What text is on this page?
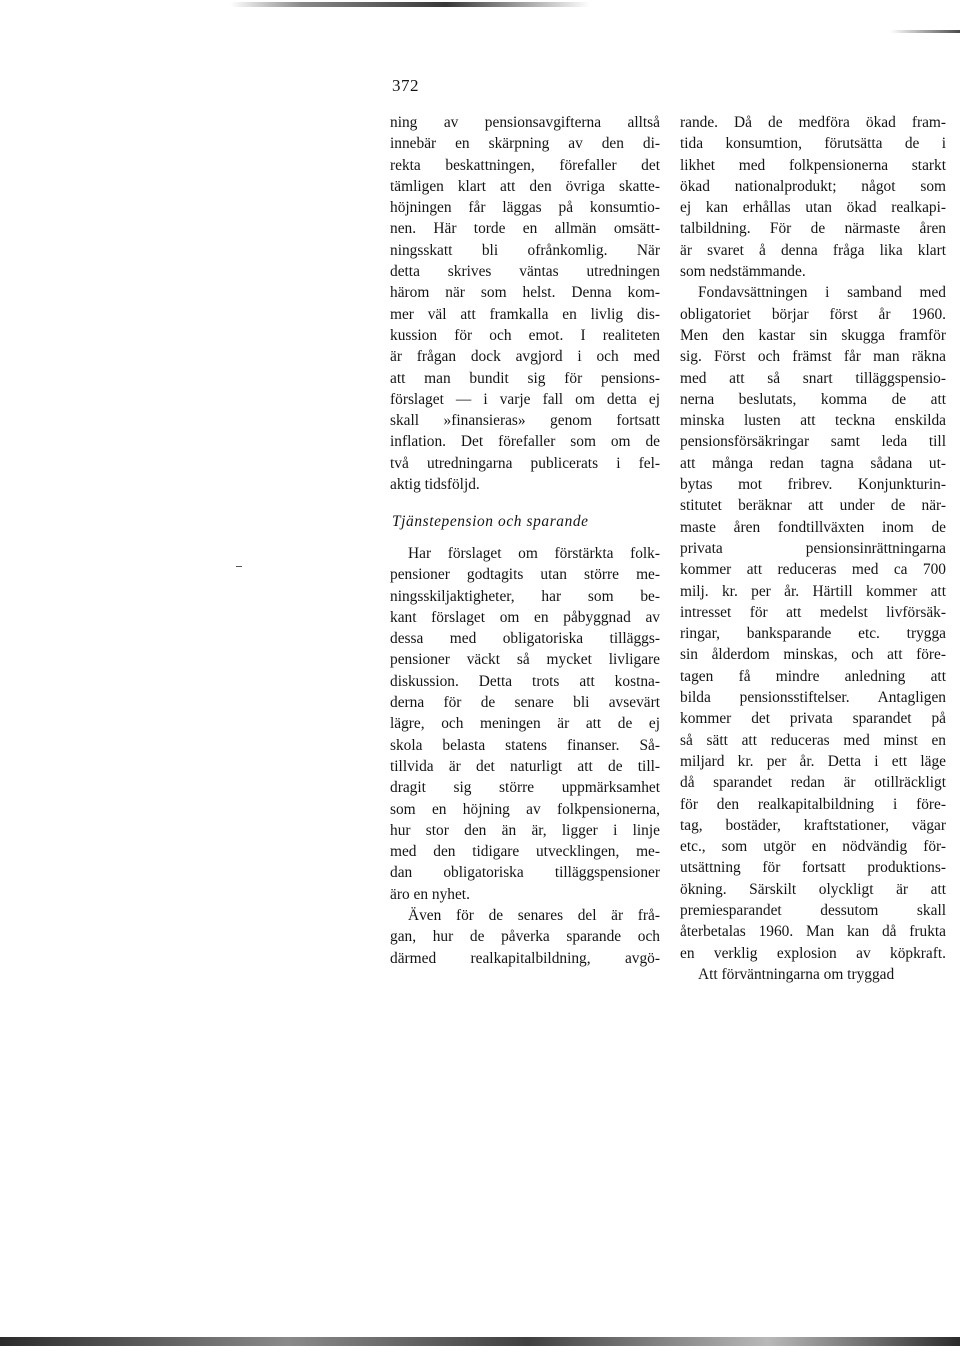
372
ning av pensionsavgifterna alltså
innebär en skärpning av den di-
rekta beskattningen, förefaller det
tämligen klart att den övriga skatte-
höjningen får läggas på konsumtio-
nen. Här torde en allmän omsätt-
ningsskatt bli ofrånkomlig. När
detta skrives väntas utredningen
härom när som helst. Denna kom-
mer väl att framkalla en livlig dis-
kussion för och emot. I realiteten
är frågan dock avgjord i och med
att man bundit sig för pensions-
förslaget — i varje fall om detta ej
skall »finansieras» genom fortsatt
inflation. Det förefaller som om de
två utredningarna publicerats i fel-
aktig tidsföljd.
Tjänstepension och sparande
Har förslaget om förstärkta folk-
pensioner godtagits utan större me-
ningsskiljaktigheter, har som be-
kant förslaget om en påbyggnad av
dessa med obligatoriska tilläggs-
pensioner väckt så mycket livligare
diskussion. Detta trots att kostna-
derna för de senare bli avsevärt
lägre, och meningen är att de ej
skola belasta statens finanser. Så-
tillvida är det naturligt att de till-
dragit sig större uppmärksamhet
som en höjning av folkpensionerna,
hur stor den än är, ligger i linje
med den tidigare utvecklingen, me-
dan obligatoriska tilläggspensioner
äro en nyhet.
Även för de senares del är frå-
gan, hur de påverka sparande och
därmed realkapitalbildning, avgö-
rande. Då de medföra ökad fram-
tida konsumtion, förutsätta de i
likhet med folkpensionerna starkt
ökad nationalprodukt; något som
ej kan erhållas utan ökad realkapi-
talbildning. För de närmaste åren
är svaret å denna fråga lika klart
som nedstämmande.
Fondavsättningen i samband med
obligatoriet börjar först år 1960.
Men den kastar sin skugga framför
sig. Först och främst får man räkna
med att så snart tilläggspensio-
nerna beslutats, komma de att
minska lusten att teckna enskilda
pensionsförsäkringar samt leda till
att många redan tagna sådana ut-
bytas mot fribrev. Konjunkturin-
stitutet beräknar att under de när-
maste åren fondtillväxten inom de
privata pensionsinrättningarna
kommer att reduceras med ca 700
milj. kr. per år. Härtill kommer att
intresset för att medelst livförsäk-
ringar, banksparande etc. trygga
sin ålderdom minskas, och att före-
tagen få mindre anledning att
bilda pensionsstiftelser. Antagligen
kommer det privata sparandet på
så sätt att reduceras med minst en
miljard kr. per år. Detta i ett läge
då sparandet redan är otillräckligt
för den realkapitalbildning i före-
tag, bostäder, kraftstationer, vägar
etc., som utgör en nödvändig för-
utsättning för fortsatt produktions-
ökning. Särskilt olyckligt är att
premiesparandet dessutom skall
återbetalas 1960. Man kan då frukta
en verklig explosion av köpkraft.
Att förväntningarna om tryggad
